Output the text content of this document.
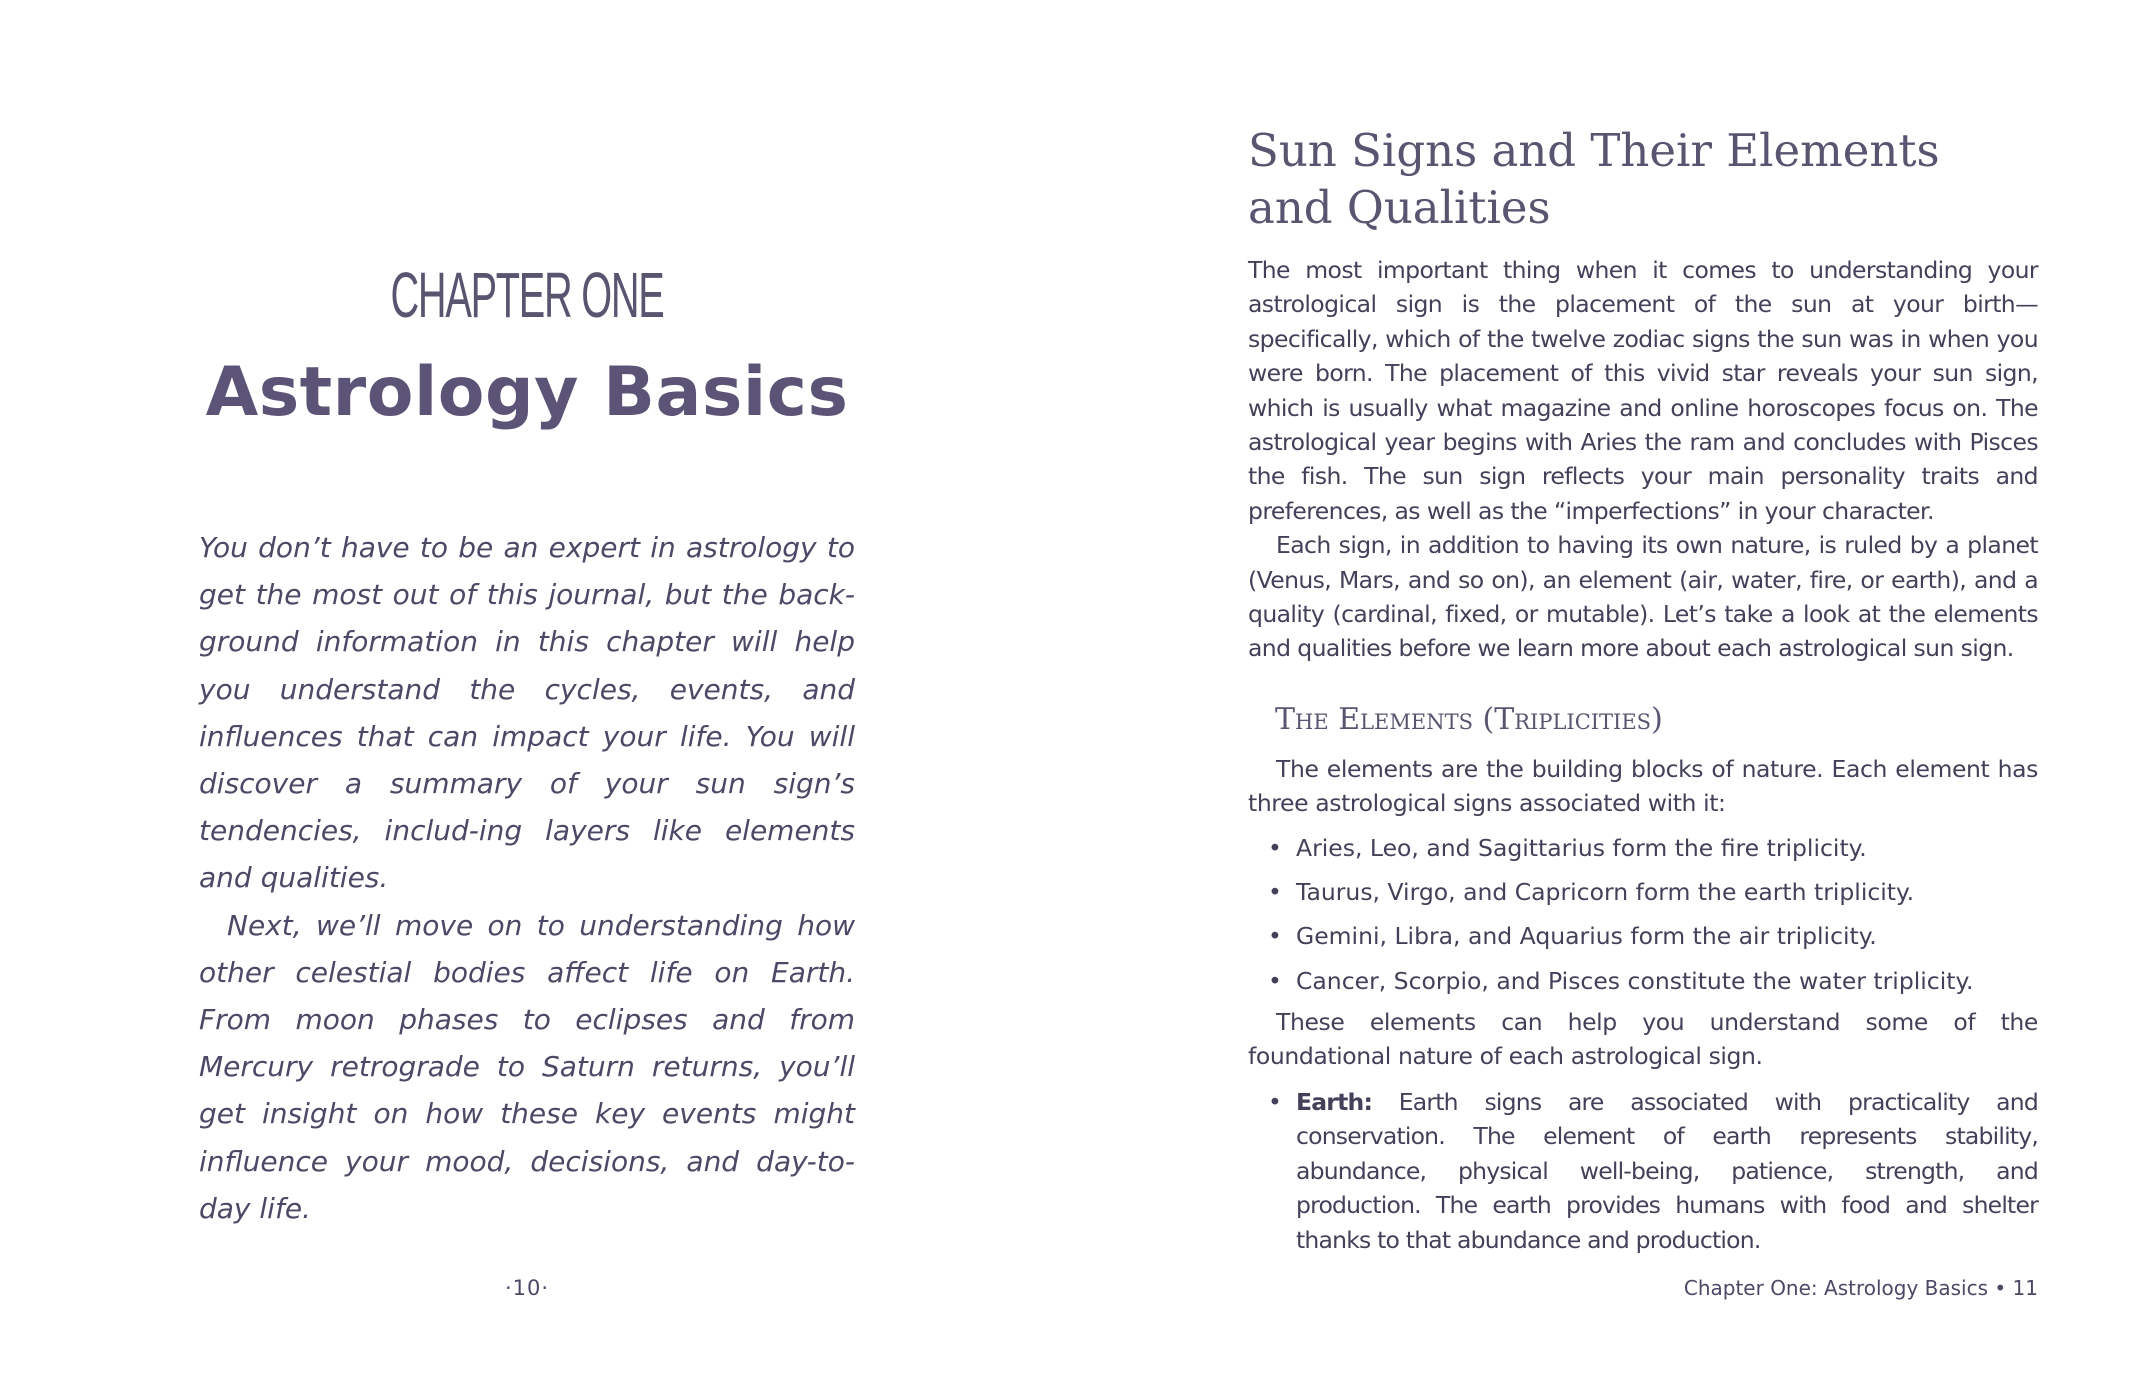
CHAPTER ONE
Astrology Basics

You don’t have to be an expert in astrology to get the most out of this journal, but the back-ground information in this chapter will help you understand the cycles, events, and influences that can impact your life. You will discover a summary of your sun sign’s tendencies, includ-ing layers like elements and qualities.

Next, we’ll move on to understanding how other celestial bodies affect life on Earth. From moon phases to eclipses and from Mercury retrograde to Saturn returns, you’ll get insight on how these key events might influence your mood, decisions, and day-to-day life.

·10·
Sun Signs and Their Elements and Qualities

The most important thing when it comes to understanding your astrological sign is the placement of the sun at your birth—specifically, which of the twelve zodiac signs the sun was in when you were born. The placement of this vivid star reveals your sun sign, which is usually what magazine and online horoscopes focus on. The astrological year begins with Aries the ram and concludes with Pisces the fish. The sun sign reflects your main personality traits and preferences, as well as the “imperfections” in your character.

Each sign, in addition to having its own nature, is ruled by a planet (Venus, Mars, and so on), an element (air, water, fire, or earth), and a quality (cardinal, fixed, or mutable). Let’s take a look at the elements and qualities before we learn more about each astrological sun sign.

The Elements (Triplicities)

The elements are the building blocks of nature. Each element has three astrological signs associated with it:

• Aries, Leo, and Sagittarius form the fire triplicity.
• Taurus, Virgo, and Capricorn form the earth triplicity.
• Gemini, Libra, and Aquarius form the air triplicity.
• Cancer, Scorpio, and Pisces constitute the water triplicity.

These elements can help you understand some of the foundational nature of each astrological sign.

• Earth: Earth signs are associated with practicality and conservation. The element of earth represents stability, abundance, physical well-being, patience, strength, and production. The earth provides humans with food and shelter thanks to that abundance and production.
Chapter One: Astrology Basics • 11
